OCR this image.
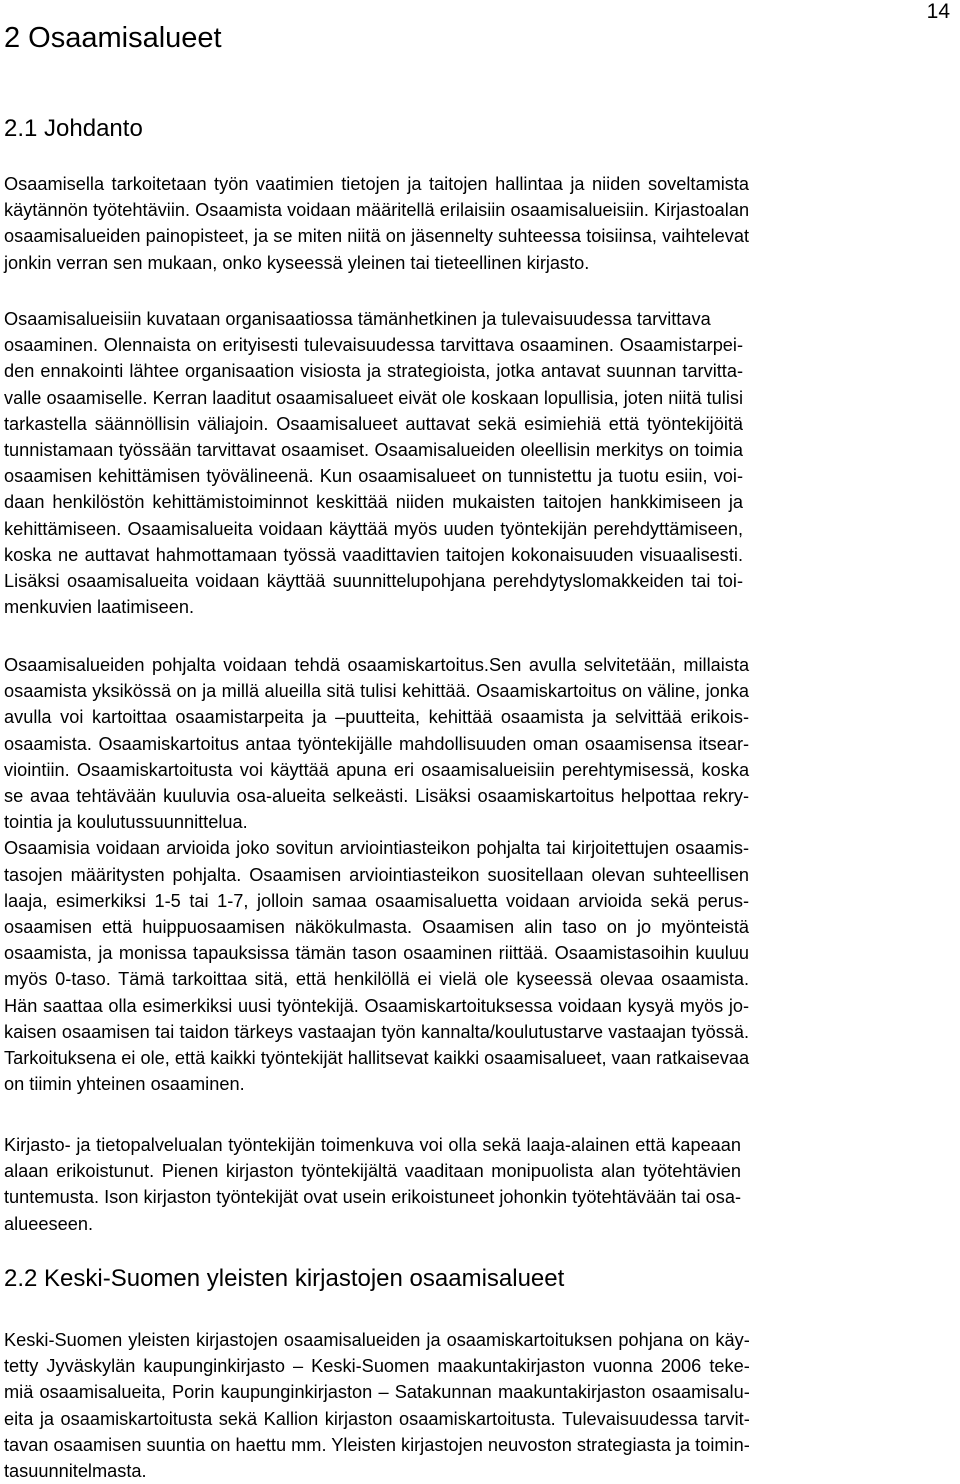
14
2 Osaamisalueet
2.1 Johdanto

Osaamisella tarkoitetaan työn vaatimien tietojen ja taitojen hallintaa ja niiden soveltamista
käytännön työtehtäviin. Osaamista voidaan määritellä erilaisiin osaamisalueisiin. Kirjastoalan
osaamisalueiden painopisteet, ja se miten niitä on jäsennelty suhteessa toisiinsa, vaihtelevat
jonkin verran sen mukaan, onko kyseessä yleinen tai tieteellinen kirjasto.

Osaamisalueisiin kuvataan organisaatiossa tämänhetkinen ja tulevaisuudessa tarvittava
osaaminen. Olennaista on erityisesti tulevaisuudessa tarvittava osaaminen. Osaamistarpei-
den ennakointi lähtee organisaation visiosta ja strategioista, jotka antavat suunnan tarvitta-
valle osaamiselle. Kerran laaditut osaamisalueet eivät ole koskaan lopullisia, joten niitä tulisi
tarkastella säännöllisin väliajoin. Osaamisalueet auttavat sekä esimiehiä että työntekijöitä
tunnistamaan työssään tarvittavat osaamiset. Osaamisalueiden oleellisin merkitys on toimia
osaamisen kehittämisen työvälineenä. Kun osaamisalueet on tunnistettu ja tuotu esiin, voi-
daan henkilöstön kehittämistoiminnot keskittää niiden mukaisten taitojen hankkimiseen ja
kehittämiseen. Osaamisalueita voidaan käyttää myös uuden työntekijän perehdyttämiseen,
koska ne auttavat hahmottamaan työssä vaadittavien taitojen kokonaisuuden visuaalisesti.
Lisäksi osaamisalueita voidaan käyttää suunnittelupohjana perehdytyslomakkeiden tai toi-
menkuvien laatimiseen.

Osaamisalueiden pohjalta voidaan tehdä osaamiskartoitus.Sen avulla selvitetään, millaista
osaamista yksikössä on ja millä alueilla sitä tulisi kehittää. Osaamiskartoitus on väline, jonka
avulla voi kartoittaa osaamistarpeita ja –puutteita, kehittää osaamista ja selvittää erikois-
osaamista. Osaamiskartoitus antaa työntekijälle mahdollisuuden oman osaamisensa itsear-
viointiin. Osaamiskartoitusta voi käyttää apuna eri osaamisalueisiin perehtymisessä, koska
se avaa tehtävään kuuluvia osa-alueita selkeästi. Lisäksi osaamiskartoitus helpottaa rekry-
tointia ja koulutussuunnittelua.
Osaamisia voidaan arvioida joko sovitun arviointiasteikon pohjalta tai kirjoitettujen osaamis-
tasojen määritysten pohjalta. Osaamisen arviointiasteikon suositellaan olevan suhteellisen
laaja, esimerkiksi 1-5 tai 1-7, jolloin samaa osaamisaluetta voidaan arvioida sekä perus-
osaamisen että huippuosaamisen näkökulmasta. Osaamisen alin taso on jo myönteistä
osaamista, ja monissa tapauksissa tämän tason osaaminen riittää. Osaamistasoihin kuuluu
myös 0-taso. Tämä tarkoittaa sitä, että henkilöllä ei vielä ole kyseessä olevaa osaamista.
Hän saattaa olla esimerkiksi uusi työntekijä. Osaamiskartoituksessa voidaan kysyä myös jo-
kaisen osaamisen tai taidon tärkeys vastaajan työn kannalta/koulutustarve vastaajan työssä.
Tarkoituksena ei ole, että kaikki työntekijät hallitsevat kaikki osaamisalueet, vaan ratkaisevaa
on tiimin yhteinen osaaminen.

Kirjasto- ja tietopalvelualan työntekijän toimenkuva voi olla sekä laaja-alainen että kapeaan
alaan erikoistunut. Pienen kirjaston työntekijältä vaaditaan monipuolista alan työtehtävien
tuntemusta. Ison kirjaston työntekijät ovat usein erikoistuneet johonkin työtehtävään tai osa-
alueeseen.

2.2 Keski-Suomen yleisten kirjastojen osaamisalueet

Keski-Suomen yleisten kirjastojen osaamisalueiden ja osaamiskartoituksen pohjana on käy-
tetty Jyväskylän kaupunginkirjasto – Keski-Suomen maakuntakirjaston vuonna 2006 teke-
miä osaamisalueita, Porin kaupunginkirjaston – Satakunnan maakuntakirjaston osaamisalu-
eita ja osaamiskartoitusta sekä Kallion kirjaston osaamiskartoitusta. Tulevaisuudessa tarvit-
tavan osaamisen suuntia on haettu mm. Yleisten kirjastojen neuvoston strategiasta ja toimin-
tasuunnitelmasta.
